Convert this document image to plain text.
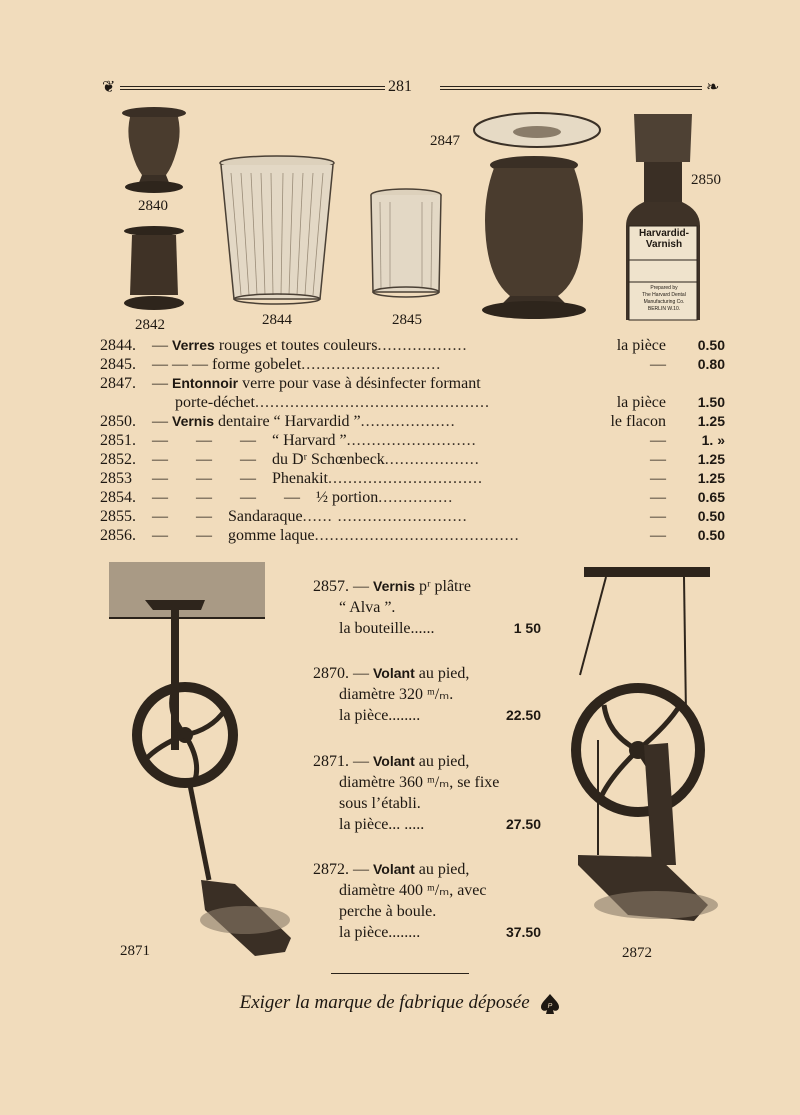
❦	281	❧
2840
2842	2844	2845
2847
Harvardid-
Varnish
Prepared by
The Harvard Dental
Manufacturing Co.
BERLIN W.10.
2850
2844.	— Verres rouges et toutes couleurs..................	la pièce	0.50
2845.	— — — forme gobelet............................	—	0.80
2847.	— Entonnoir verre pour vase à désinfecter formant
porte-déchet...............................................	la pièce	1.50
2850.	— Vernis dentaire “ Harvardid ”...................	le flacon	1.25
2851.	— — — “ Harvard ”..........................	—	1. »
2852.	— — — du Dʳ Schœnbeck...................	—	1.25
2853	— — — Phenakit...............................	—	1.25
2854.	— — — — ½ portion...............	—	0.65
2855.	— — Sandaraque...... ..........................	—	0.50
2856.	— — gomme laque.........................................	—	0.50
2871	2872
2857. — Vernis pʳ plâtre
“ Alva ”.
la bouteille......	1 50
2870. — Volant au pied,
diamètre 320 ᵐ/ₘ.
la pièce........	22.50
2871. — Volant au pied,
diamètre 360 ᵐ/ₘ, se fixe
sous l’établi.
la pièce... .....	27.50
2872. — Volant au pied,
diamètre 400 ᵐ/ₘ, avec
perche à boule.
la pièce........	37.50
Exiger la marque de fabrique déposée	P
